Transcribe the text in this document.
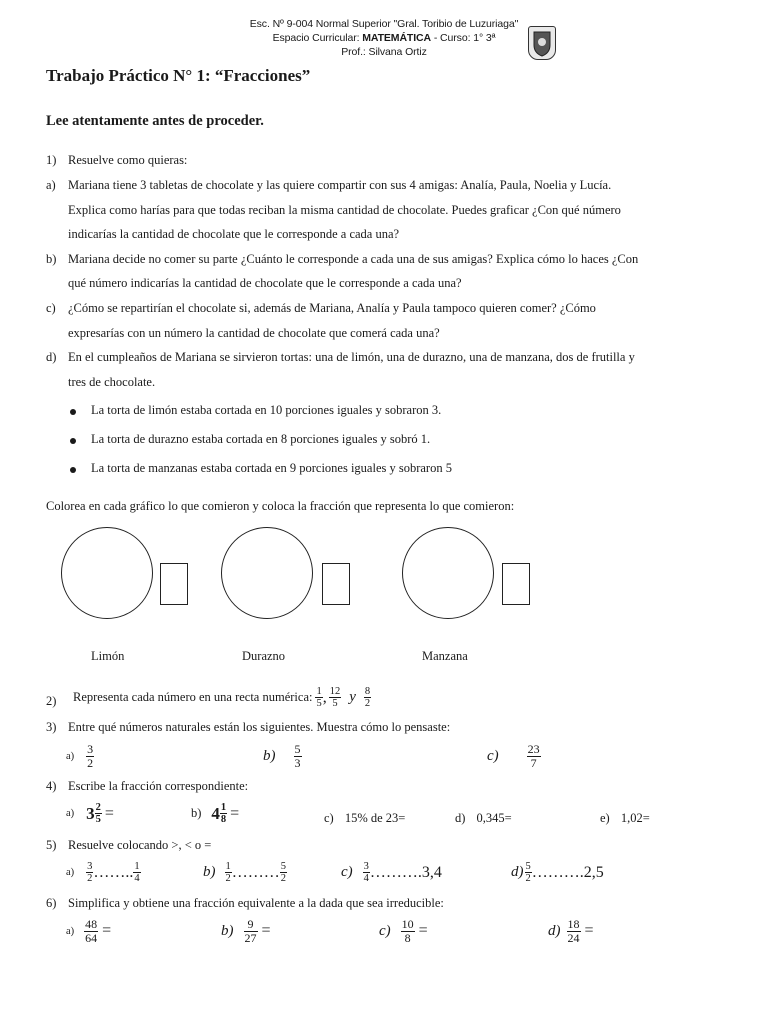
Esc. Nº 9-004 Normal Superior "Gral. Toribio de Luzuriaga"
Espacio Curricular: MATEMÁTICA - Curso: 1° 3ª
Prof.: Silvana Ortiz
Trabajo Práctico N° 1: “Fracciones”
Lee atentamente antes de proceder.
1) Resuelve como quieras:
a) Mariana tiene 3 tabletas de chocolate y las quiere compartir con sus 4 amigas: Analía, Paula, Noelia y Lucía.
Explica como harías para que todas reciban la misma cantidad de chocolate. Puedes graficar ¿Con qué número
indicarías la cantidad de chocolate que le corresponde a cada una?
b) Mariana decide no comer su parte ¿Cuánto le corresponde a cada una de sus amigas? Explica cómo lo haces ¿Con
qué número indicarías la cantidad de chocolate que le corresponde a cada una?
c) ¿Cómo se repartirían el chocolate si, además de Mariana, Analía y Paula tampoco quieren comer? ¿Cómo
expresarías con un número la cantidad de chocolate que comerá cada una?
d) En el cumpleaños de Mariana se sirvieron tortas: una de limón, una de durazno, una de manzana, dos de frutilla y
tres de chocolate.
La torta de limón estaba cortada en 10 porciones iguales y sobraron 3.
La torta de durazno estaba cortada en 8 porciones iguales y sobró 1.
La torta de manzanas estaba cortada en 9 porciones iguales y sobraron 5
Colorea en cada gráfico lo que comieron y coloca la fracción que representa lo que comieron:
Limón	Durazno	Manzana
2) Representa cada número en una recta numérica: $\frac{1}{5}$ , $\frac{12}{5}$ y $\frac{8}{2}$
3) Entre qué números naturales están los siguientes. Muestra cómo lo pensaste:
$a) \frac{3}{2}$	$b) \frac{5}{3}$	$c) \frac{23}{7}$
4) Escribe la fracción correspondiente:
a) $3 \frac{2}{5}$ =	b) $4 \frac{1}{8}$ =	c) 15% de 23=	d) 0,345=	e) 1,02=
5) Resuelve colocando >, < o =
$a) \frac{3}{2}$ …….. $\frac{1}{4}$	$b) \frac{1}{2}$ ……… $\frac{5}{2}$	$c) \frac{3}{4}$ ……….3,4	$d) \frac{5}{2}$ ……….2,5
6) Simplifica y obtiene una fracción equivalente a la dada que sea irreducible:
$a) \frac{48}{64}$ =	$b) \frac{9}{27}$ =	$c) \frac{10}{8}$ =	$d) \frac{18}{24}$ =
